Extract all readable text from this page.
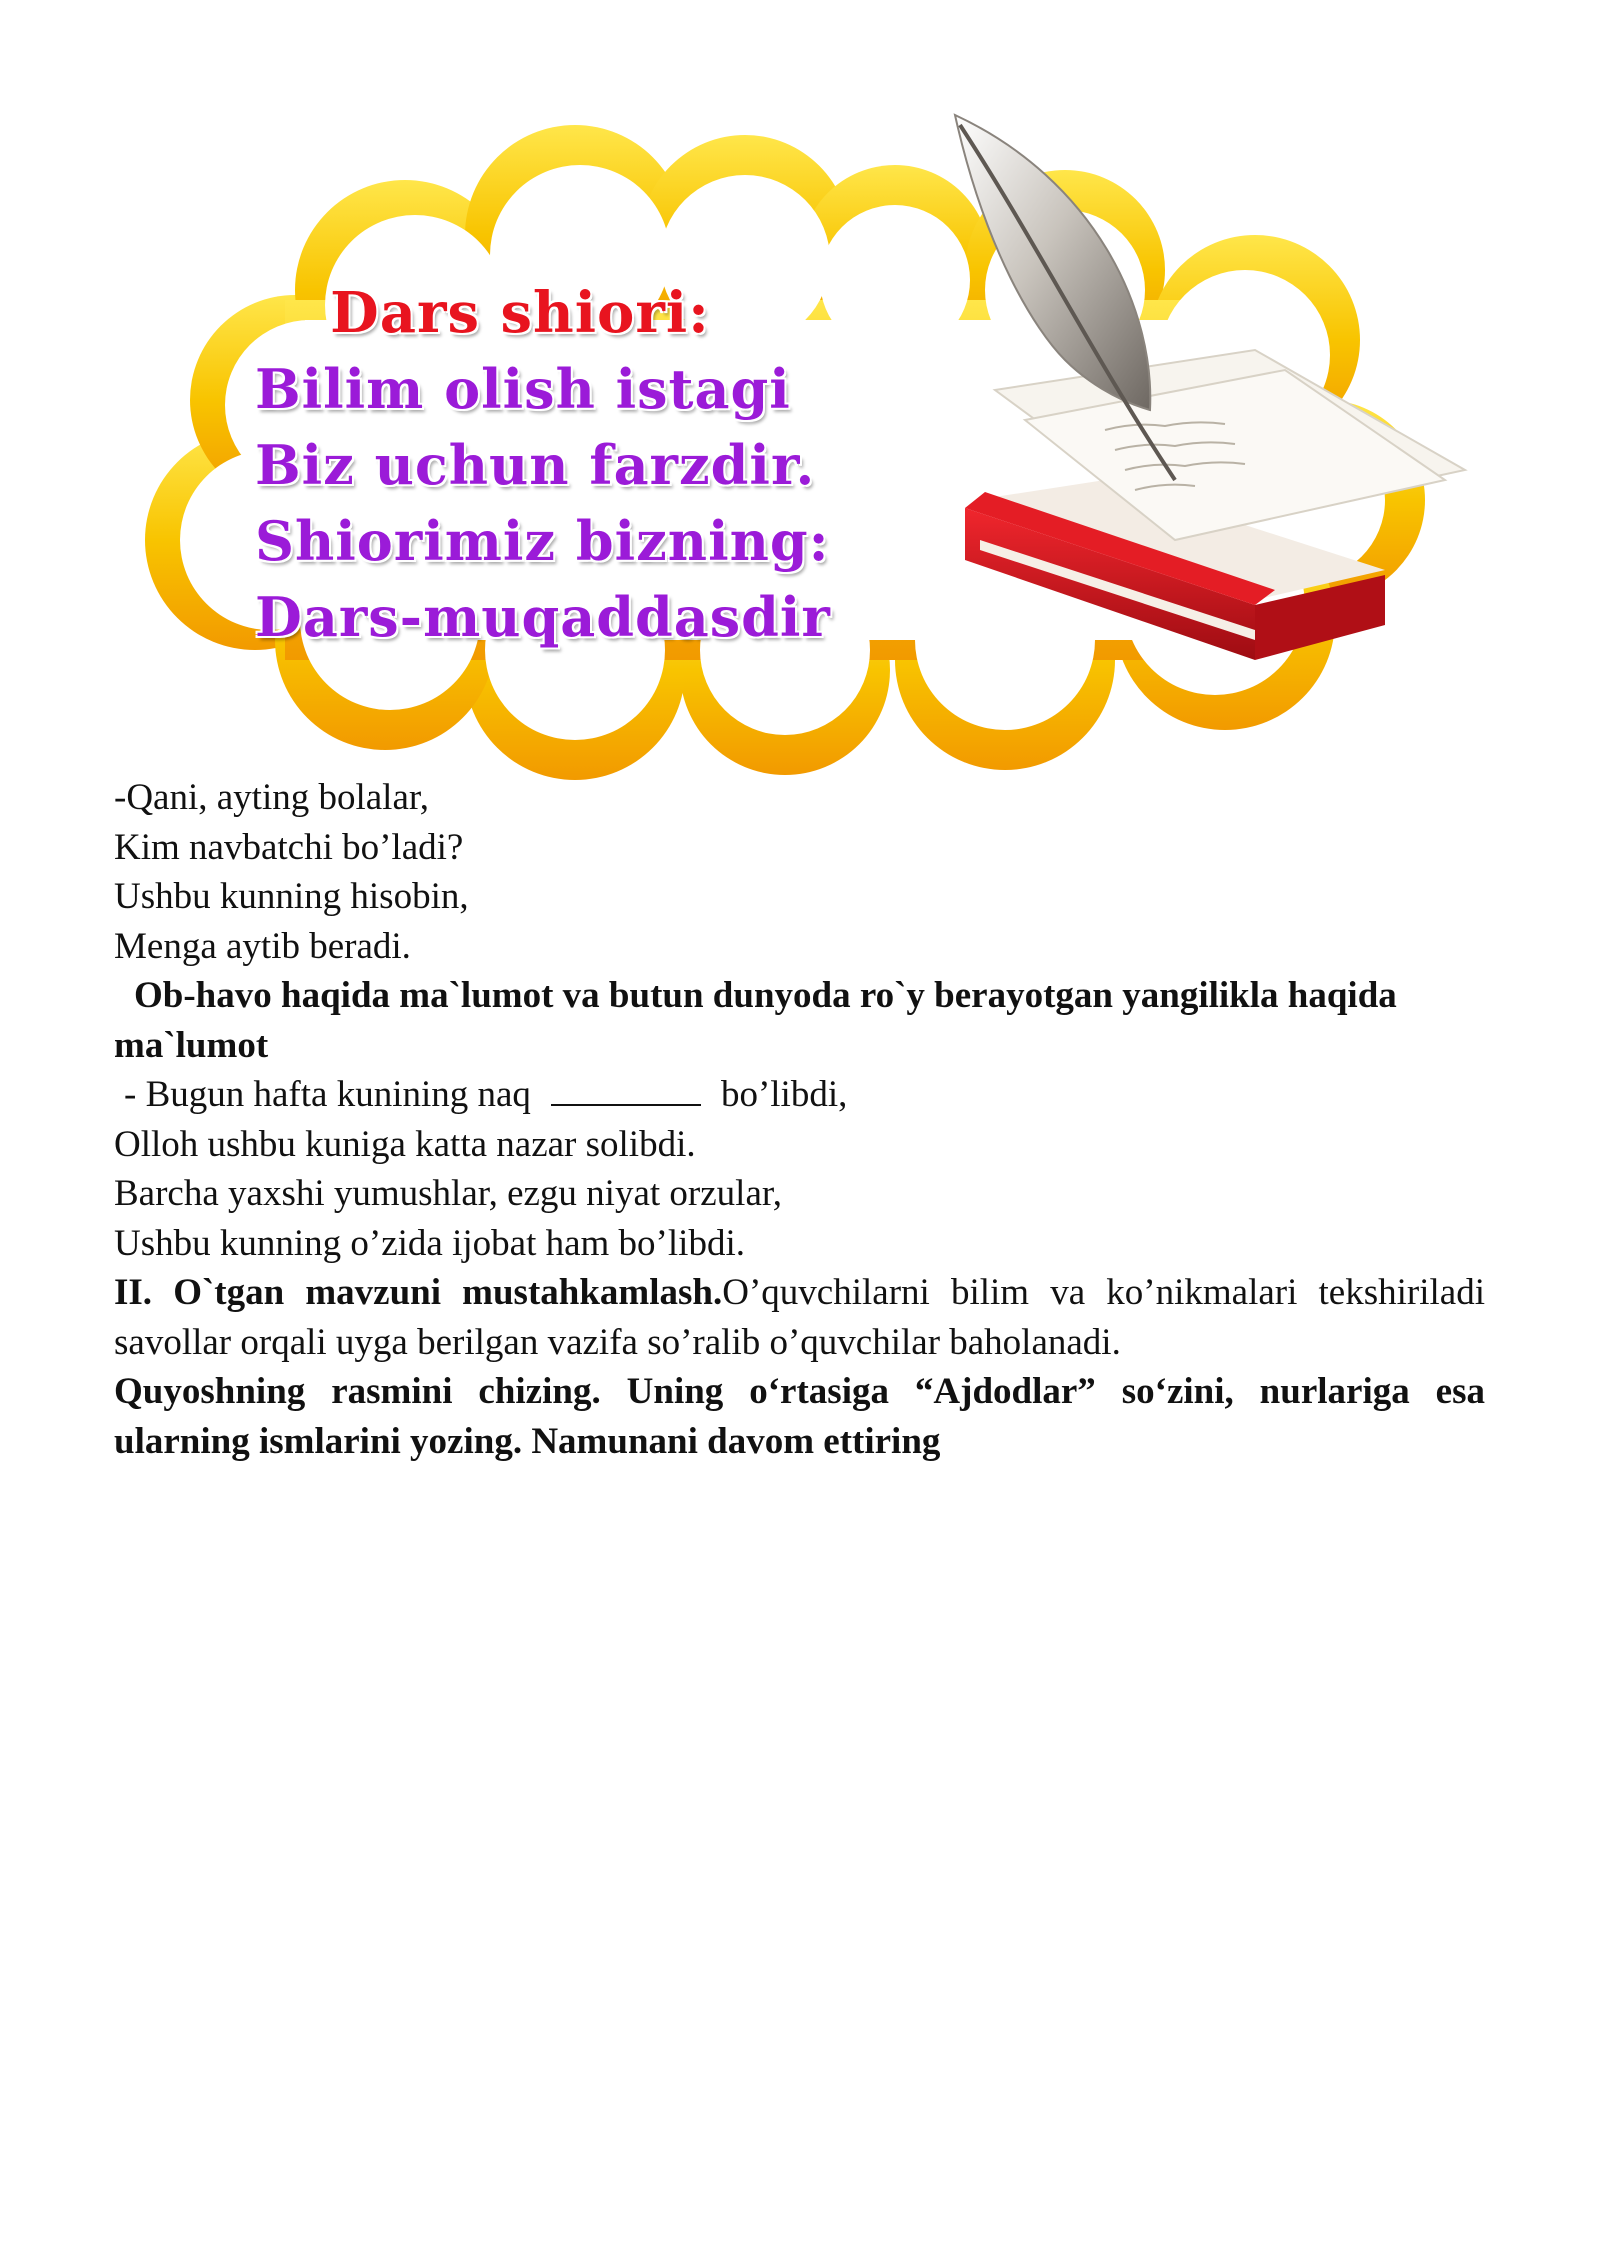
Dars shiori:
Bilim olish istagi
Biz uchun farzdir.
Shiorimiz bizning:
Dars-muqaddasdir

-Qani, ayting bolalar,

Kim navbatchi bo’ladi?

Ushbu kunning hisobin,

Menga aytib beradi.

Ob-havo haqida ma`lumot va butun dunyoda ro`y berayotgan yangilikla haqida ma`lumot

- Bugun hafta kunining naq	bo’libdi,

Olloh ushbu kuniga katta nazar solibdi.

Barcha yaxshi yumushlar, ezgu niyat orzular,

Ushbu kunning o’zida ijobat ham bo’libdi.

II. O`tgan mavzuni mustahkamlash.O’quvchilarni bilim va ko’nikmalari tekshiriladi savollar orqali uyga berilgan vazifa so’ralib o’quvchilar baholanadi.

Quyoshning rasmini chizing. Uning o‘rtasiga “Ajdodlar” so‘zini, nurlariga esa ularning ismlarini yozing. Namunani davom ettiring
